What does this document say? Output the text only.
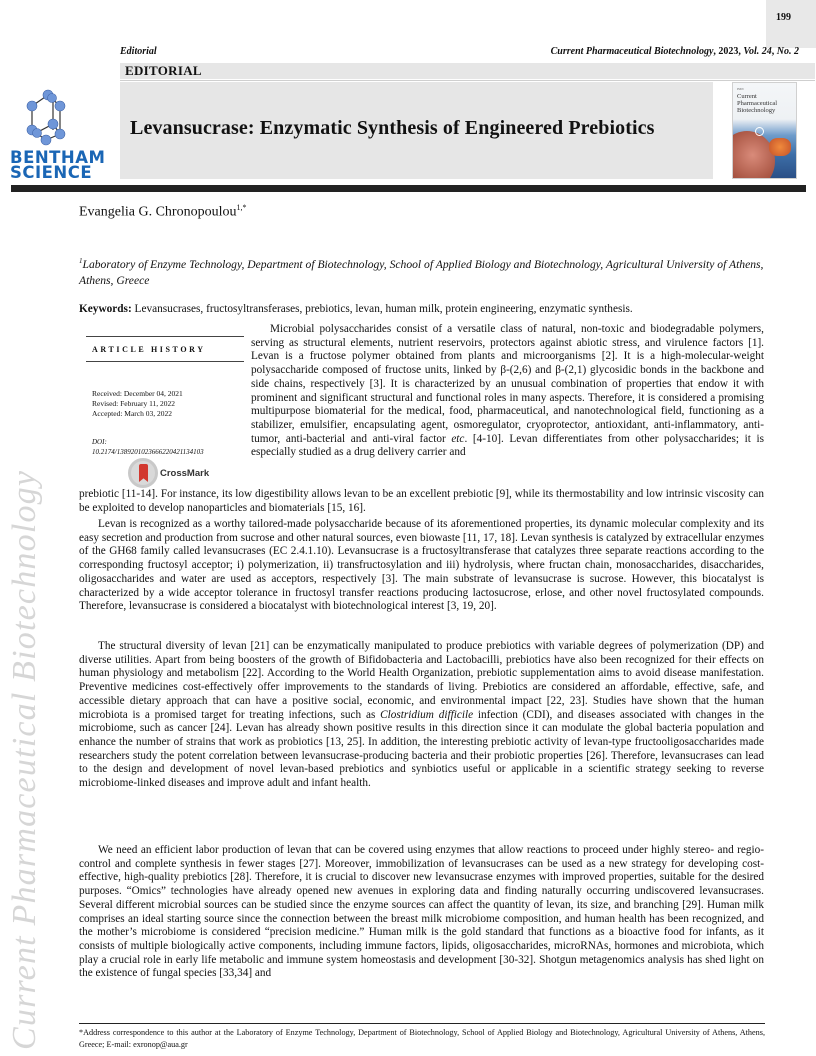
199
Editorial	Current Pharmaceutical Biotechnology, 2023, Vol. 24, No. 2
EDITORIAL
BENTHAM
SCIENCE
Levansucrase: Enzymatic Synthesis of Engineered Prebiotics
ISSN
Current Pharmaceutical Biotechnology
Evangelia G. Chronopoulou$^{1,*}$
$^1$Laboratory of Enzyme Technology, Department of Biotechnology, School of Applied Biology and Biotechnology, Agricultural University of Athens, Athens, Greece
Keywords: Levansucrases, fructosyltransferases, prebiotics, levan, human milk, protein engineering, enzymatic synthesis.
ARTICLE HISTORY
Received: December 04, 2021
Revised: February 11, 2022
Accepted: March 03, 2022
DOI:
10.2174/1389201023666220421134103
CrossMark
Microbial polysaccharides consist of a versatile class of natural, non-toxic and biodegradable polymers, serving as structural elements, nutrient reservoirs, protectors against abiotic stress, and virulence factors [1]. Levan is a fructose polymer obtained from plants and microorganisms [2]. It is a high-molecular-weight polysaccharide composed of fructose units, linked by β-(2,6) and β-(2,1) glycosidic bonds in the backbone and side chains, respectively [3]. It is characterized by an unusual combination of properties that endow it with prominent and significant structural and functional roles in many aspects. Therefore, it is considered a promising multipurpose biomaterial for the medical, food, pharmaceutical, and nanotechnological field, functioning as a stabilizer, emulsifier, encapsulating agent, osmoregulator, cryoprotector, antioxidant, anti-inflammatory, anti-tumor, anti-bacterial and anti-viral factor etc. [4-10]. Levan differentiates from other polysaccharides; it is especially studied as a drug delivery carrier and
prebiotic [11-14]. For instance, its low digestibility allows levan to be an excellent prebiotic [9], while its thermostability and low intrinsic viscosity can be exploited to develop nanoparticles and biomaterials [15, 16].
Levan is recognized as a worthy tailored-made polysaccharide because of its aforementioned properties, its dynamic molecular complexity and its easy secretion and production from sucrose and other natural sources, even biowaste [11, 17, 18]. Levan synthesis is catalyzed by extracellular enzymes of the GH68 family called levansucrases (EC 2.4.1.10). Levansucrase is a fructosyltransferase that catalyzes three separate reactions according to the corresponding fructosyl acceptor; i) polymerization, ii) transfructosylation and iii) hydrolysis, where fructan chain, monosaccharides, disaccharides, oligosaccharides and water are used as acceptors, respectively [3]. The main substrate of levansucrase is sucrose. However, this biocatalyst is characterized by a wide acceptor tolerance in fructosyl transfer reactions producing lactosucrose, erlose, and other novel fructosylated compounds. Therefore, levansucrase is considered a biocatalyst with biotechnological interest [3, 19, 20].
The structural diversity of levan [21] can be enzymatically manipulated to produce prebiotics with variable degrees of polymerization (DP) and diverse utilities. Apart from being boosters of the growth of Bifidobacteria and Lactobacilli, prebiotics have also been recognized for their effects on human physiology and metabolism [22]. According to the World Health Organization, prebiotic supplementation aims to avoid disease manifestation. Preventive medicines cost-effectively offer improvements to the standards of living. Prebiotics are considered an affordable, effective, safe, and accessible dietary approach that can have a positive social, economic, and environmental impact [22, 23]. Studies have shown that the human microbiota is a promised target for treating infections, such as Clostridium difficile infection (CDI), and diseases associated with changes in the microbiome, such as cancer [24]. Levan has already shown positive results in this direction since it can modulate the global bacteria population and enhance the number of strains that work as probiotics [13, 25]. In addition, the interesting prebiotic activity of levan-type fructooligosaccharides made researchers study the potent correlation between levansucrase-producing bacteria and their probiotic properties [26]. Therefore, levansucrases can lead to the design and development of novel levan-based prebiotics and synbiotics useful or applicable in a scientific strategy seeking to reverse microbiome-linked diseases and improve adult and infant health.
We need an efficient labor production of levan that can be covered using enzymes that allow reactions to proceed under highly stereo- and regio-control and complete synthesis in fewer stages [27]. Moreover, immobilization of levansucrases can be used as a new strategy for developing cost-effective, high-quality prebiotics [28]. Therefore, it is crucial to discover new levansucrase enzymes with improved properties, suitable for the desired purposes. “Omics” technologies have already opened new avenues in exploring data and finding naturally occurring undiscovered levansucrases. Several different microbial sources can be studied since the enzyme sources can affect the quantity of levan, its size, and branching [29]. Human milk comprises an ideal starting source since the connection between the breast milk microbiome composition, and human health has been recognized, and the mother’s microbiome is considered “precision medicine.” Human milk is the gold standard that functions as a bioactive food for infants, as it consists of multiple biologically active components, including immune factors, lipids, oligosaccharides, microRNAs, hormones and microbiota, which play a crucial role in early life metabolic and immune system homeostasis and development [30-32]. Shotgun metagenomics analysis has shed light on the existence of fungal species [33,34] and
Current Pharmaceutical Biotechnology	*Address correspondence to this author at the Laboratory of Enzyme Technology, Department of Biotechnology, School of Applied Biology and Biotechnology, Agricultural University of Athens, Athens, Greece; E-mail: exronop@aua.gr
